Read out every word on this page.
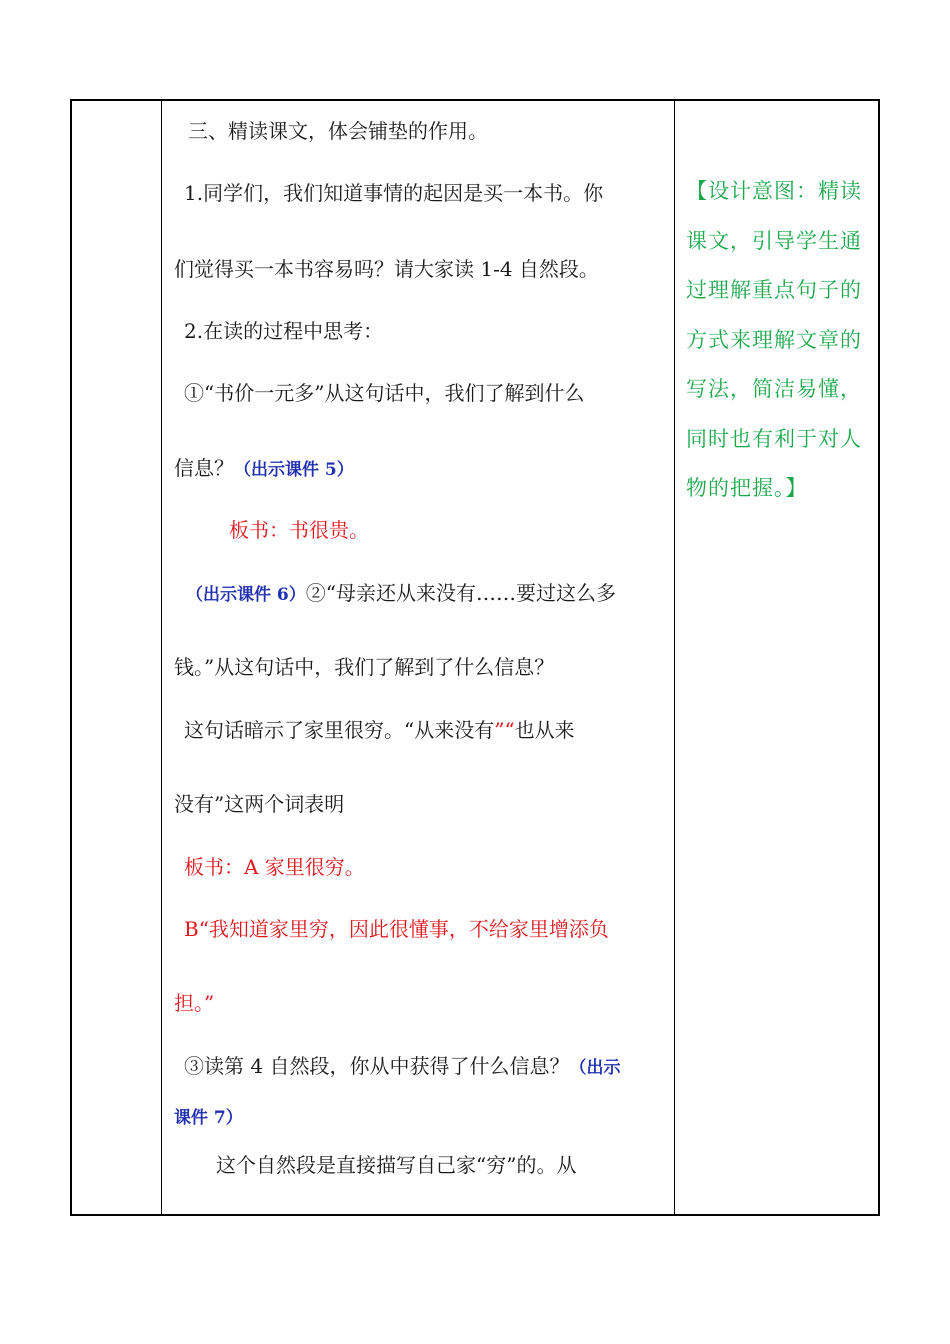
三、精读课文，体会铺垫的作用。
1.同学们，我们知道事情的起因是买一本书。你
们觉得买一本书容易吗？请大家读 1-4 自然段。
2.在读的过程中思考：
①“书价一元多”从这句话中，我们了解到什么
信息？（出示课件 5）
板书：书很贵。
（出示课件 6）②“母亲还从来没有……要过这么多
钱。”从这句话中，我们了解到了什么信息？
这句话暗示了家里很穷。“从来没有”“也从来
没有”这两个词表明
板书：A 家里很穷。
B“我知道家里穷，因此很懂事，不给家里增添负
担。”
③读第 4 自然段，你从中获得了什么信息？（出示
课件 7）
这个自然段是直接描写自己家“穷”的。从
【设计意图：精读课文，引导学生通过理解重点句子的方式来理解文章的写法，简洁易懂，同时也有利于对人物的把握。】
